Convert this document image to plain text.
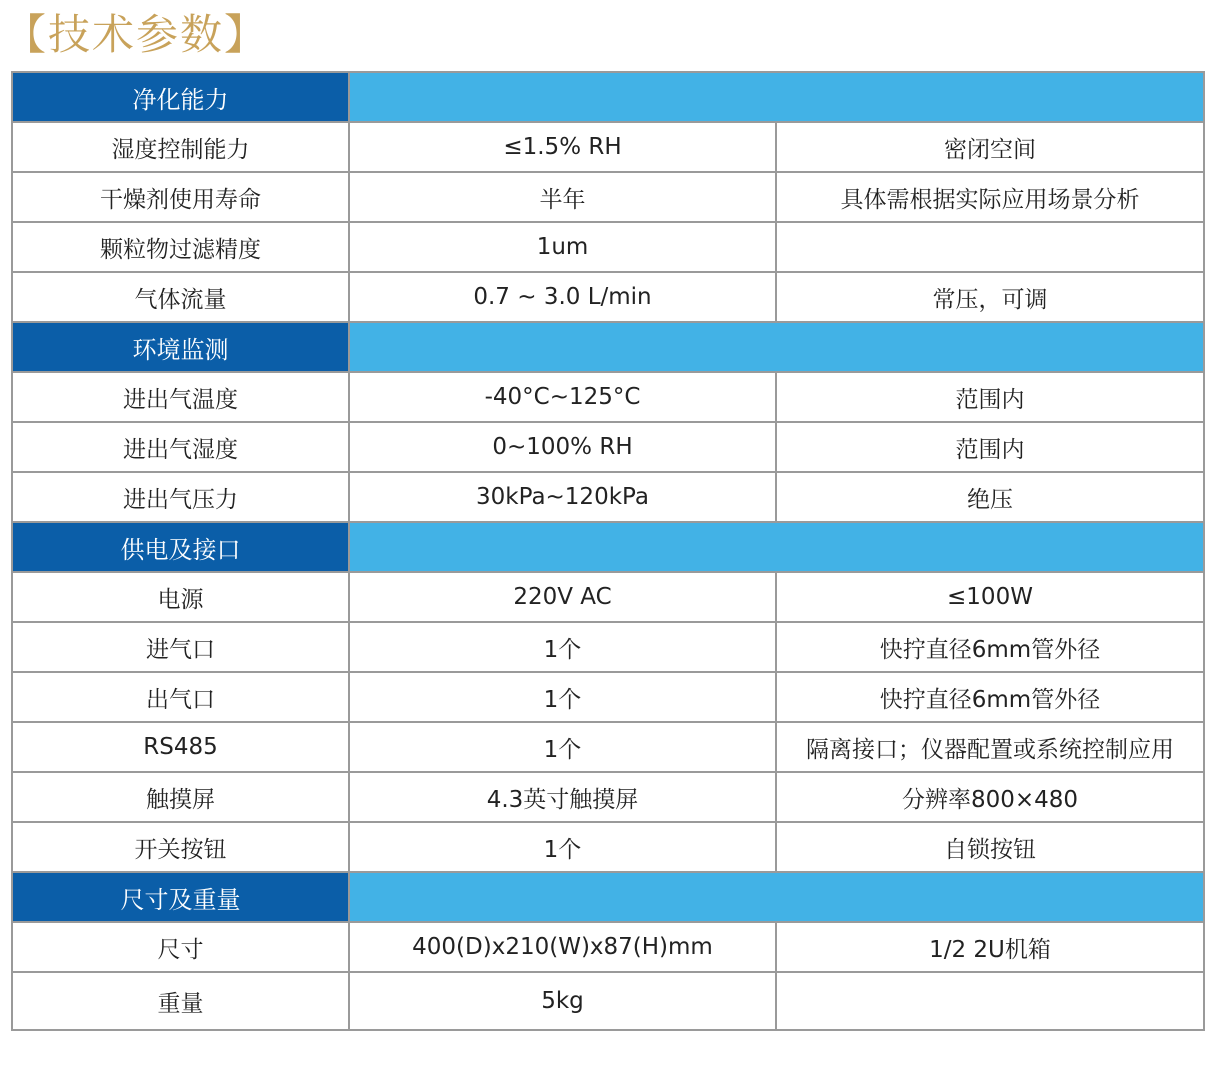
【技术参数】
净化能力		
湿度控制能力	≤1.5% RH	密闭空间
干燥剂使用寿命	半年	具体需根据实际应用场景分析
颗粒物过滤精度	1um	
气体流量	0.7 ~ 3.0 L/min	常压，可调
环境监测		
进出气温度	-40°C~125°C	范围内
进出气湿度	0~100% RH	范围内
进出气压力	30kPa~120kPa	绝压
供电及接口		
电源	220V AC	≤100W
进气口	1个	快拧直径6mm管外径
出气口	1个	快拧直径6mm管外径
RS485	1个	隔离接口；仪器配置或系统控制应用
触摸屏	4.3英寸触摸屏	分辨率800×480
开关按钮	1个	自锁按钮
尺寸及重量		
尺寸	400(D)x210(W)x87(H)mm	1/2 2U机箱
重量	5kg	
